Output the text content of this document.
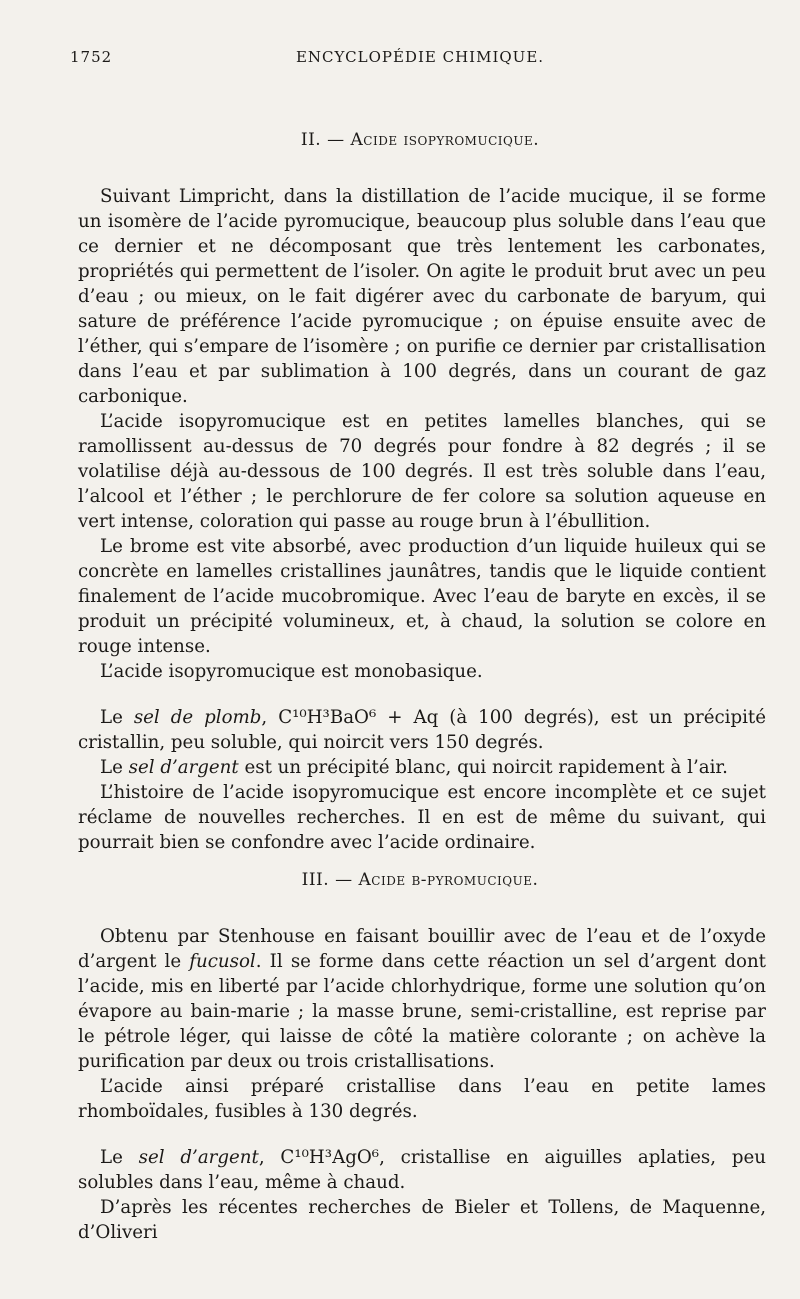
1752	ENCYCLOPÉDIE CHIMIQUE.
II. — Acide isopyromucique.

Suivant Limpricht, dans la distillation de l’acide mucique, il se forme un isomère de l’acide pyromucique, beaucoup plus soluble dans l’eau que ce dernier et ne décomposant que très lentement les carbonates, propriétés qui permettent de l’isoler. On agite le produit brut avec un peu d’eau ; ou mieux, on le fait digérer avec du carbonate de baryum, qui sature de préférence l’acide pyromucique ; on épuise ensuite avec de l’éther, qui s’empare de l’isomère ; on purifie ce dernier par cristallisation dans l’eau et par sublimation à 100 degrés, dans un courant de gaz carbonique.

L’acide isopyromucique est en petites lamelles blanches, qui se ramollissent au-dessus de 70 degrés pour fondre à 82 degrés ; il se volatilise déjà au-dessous de 100 degrés. Il est très soluble dans l’eau, l’alcool et l’éther ; le perchlorure de fer colore sa solution aqueuse en vert intense, coloration qui passe au rouge brun à l’ébullition.

Le brome est vite absorbé, avec production d’un liquide huileux qui se concrète en lamelles cristallines jaunâtres, tandis que le liquide contient finalement de l’acide mucobromique. Avec l’eau de baryte en excès, il se produit un précipité volumineux, et, à chaud, la solution se colore en rouge intense.

L’acide isopyromucique est monobasique.

Le sel de plomb, C¹⁰H³BaO⁶ + Aq (à 100 degrés), est un précipité cristallin, peu soluble, qui noircit vers 150 degrés.

Le sel d’argent est un précipité blanc, qui noircit rapidement à l’air.

L’histoire de l’acide isopyromucique est encore incomplète et ce sujet réclame de nouvelles recherches. Il en est de même du suivant, qui pourrait bien se confondre avec l’acide ordinaire.

III. — Acide β-pyromucique.

Obtenu par Stenhouse en faisant bouillir avec de l’eau et de l’oxyde d’argent le fucusol. Il se forme dans cette réaction un sel d’argent dont l’acide, mis en liberté par l’acide chlorhydrique, forme une solution qu’on évapore au bain-marie ; la masse brune, semi-cristalline, est reprise par le pétrole léger, qui laisse de côté la matière colorante ; on achève la purification par deux ou trois cristallisations.

L’acide ainsi préparé cristallise dans l’eau en petite lames rhomboïdales, fusibles à 130 degrés.

Le sel d’argent, C¹⁰H³AgO⁶, cristallise en aiguilles aplaties, peu solubles dans l’eau, même à chaud.

D’après les récentes recherches de Bieler et Tollens, de Maquenne, d’Oliveri
